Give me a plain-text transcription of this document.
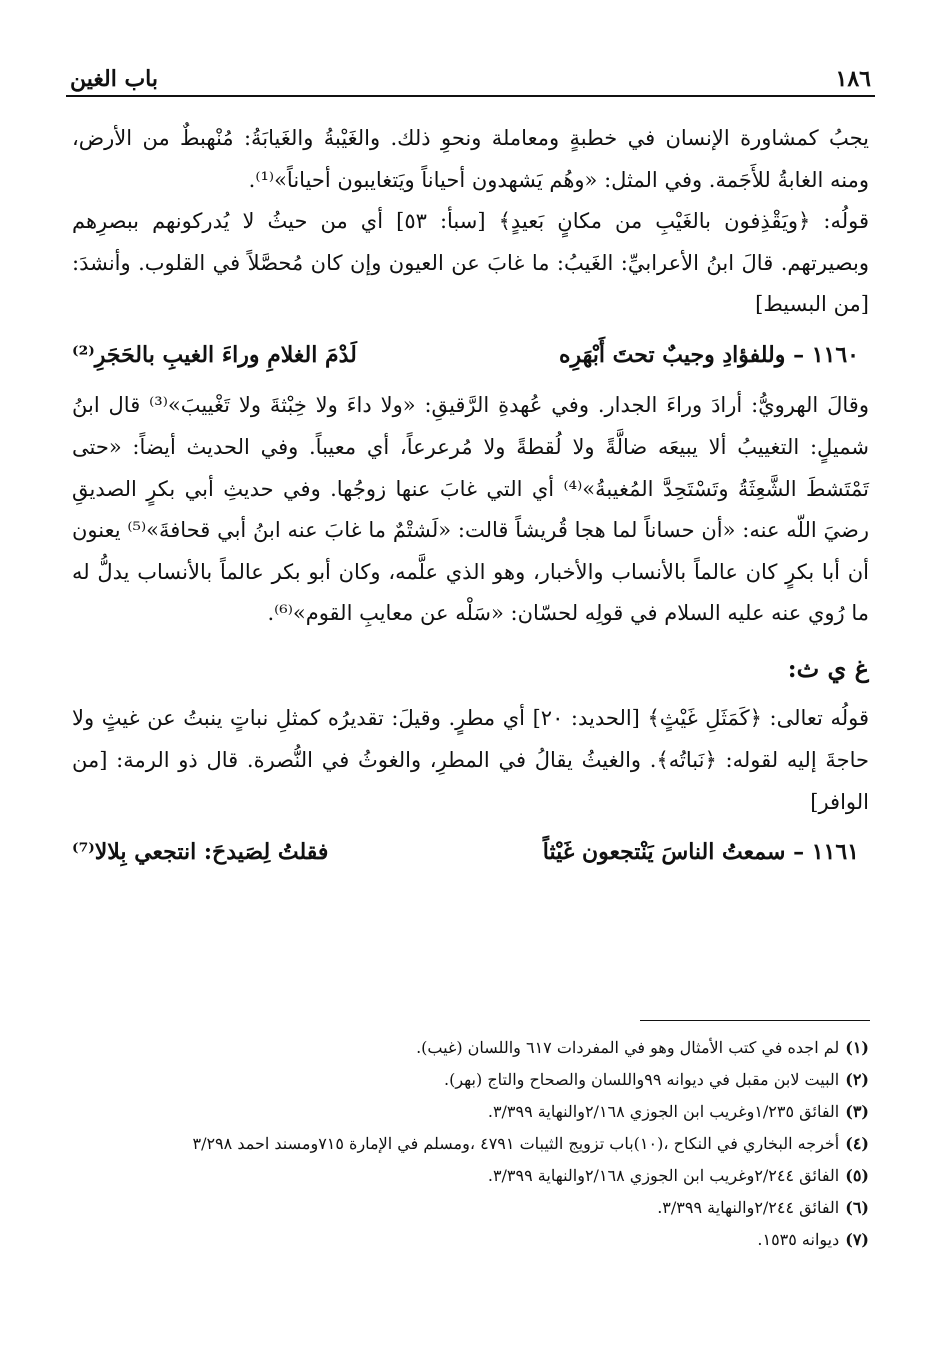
١٨٦
باب الغين

يجبُ كمشاورة الإنسان في خطبةٍ ومعاملة ونحوِ ذلك. والغَيْبةُ والغَيابَةُ: مُنْهبطٌ من الأرض، ومنه الغابةُ للأَجَمة. وفي المثل: «وهُم يَشهدون أحياناً ويَتغايبون أحياناً»⁽¹⁾.

قولُه: ﴿ويَقْذِفون بالغَيْبِ من مكانٍ بَعيدٍ﴾ [سبأ: ٥٣] أي من حيثُ لا يُدركونهم ببصرِهم وبصيرتهم. قالَ ابنُ الأعرابيِّ: الغَيبُ: ما غابَ عن العيون وإن كان مُحصَّلاً في القلوب. وأنشدَ: [من البسيط]

١١٦٠ – وللفؤادِ وجيبٌ تحتَ أَبْهَرِه
لَدْمَ الغلامِ وراءَ الغيبِ بالحَجَرِ⁽²⁾

وقالَ الهرويُّ: أرادَ وراءَ الجدار. وفي عُهدةِ الرَّقيقِ: «ولا داءَ ولا خِبْثةَ ولا تَغْييبَ»⁽³⁾ قال ابنُ شميلٍ: التغييبُ ألا يبيعَه ضالَّةً ولا لُقطةً ولا مُرعرعاً، أي معيباً. وفي الحديث أيضاً: «حتى تَمْتَشطَ الشَّعِثَةُ وتَسْتَحِدَّ المُغيبةُ»⁽⁴⁾ أي التي غابَ عنها زوجُها. وفي حديثِ أبي بكرٍ الصديقِ رضيَ اللّه عنه: «أن حساناً لما هجا قُريشاً قالت: «لَشتْمٌ ما غابَ عنه ابنُ أبي قحافةَ»⁽⁵⁾ يعنون أن أبا بكرٍ كان عالماً بالأنساب والأخبار، وهو الذي علَّمه، وكان أبو بكر عالماً بالأنساب يدلُّ له ما رُوي عنه عليه السلام في قولِه لحسّان: «سَلْه عن معايبِ القوم»⁽⁶⁾.

غ ي ث:

قولُه تعالى: ﴿كَمَثَلِ غَيْثٍ﴾ [الحديد: ٢٠] أي مطرٍ. وقيلَ: تقديرُه كمثلِ نباتٍ ينبتُ عن غيثٍ ولا حاجةَ إليه لقوله: ﴿نَباتُه﴾. والغيثُ يقالُ في المطرِ، والغوثُ في النُّصرة. قال ذو الرمة: [من الوافر]

١١٦١ – سمعتُ الناسَ يَنْتجعون غَيْثاً
فقلتُ لِصَيدحَ: انتجعي بِلالا⁽⁷⁾
(١)لم اجده في كتب الأمثال وهو في المفردات ٦١٧ واللسان (غيب).
(٢)البيت لابن مقبل في ديوانه ٩٩واللسان والصحاح والتاج (بهر).
(٣)الفائق ١/٢٣٥وغريب ابن الجوزي ٢/١٦٨والنهاية ٣/٣٩٩.
(٤)أخرجه البخاري في النكاح ،(١٠)باب تزويج الثيبات ٤٧٩١ ،ومسلم في الإمارة ٧١٥ومسند احمد ٣/٢٩٨
(٥)الفائق ٢/٢٤٤وغريب ابن الجوزي ٢/١٦٨والنهاية ٣/٣٩٩.
(٦)الفائق ٢/٢٤٤والنهاية ٣/٣٩٩.
(٧)ديوانه ١٥٣٥.
